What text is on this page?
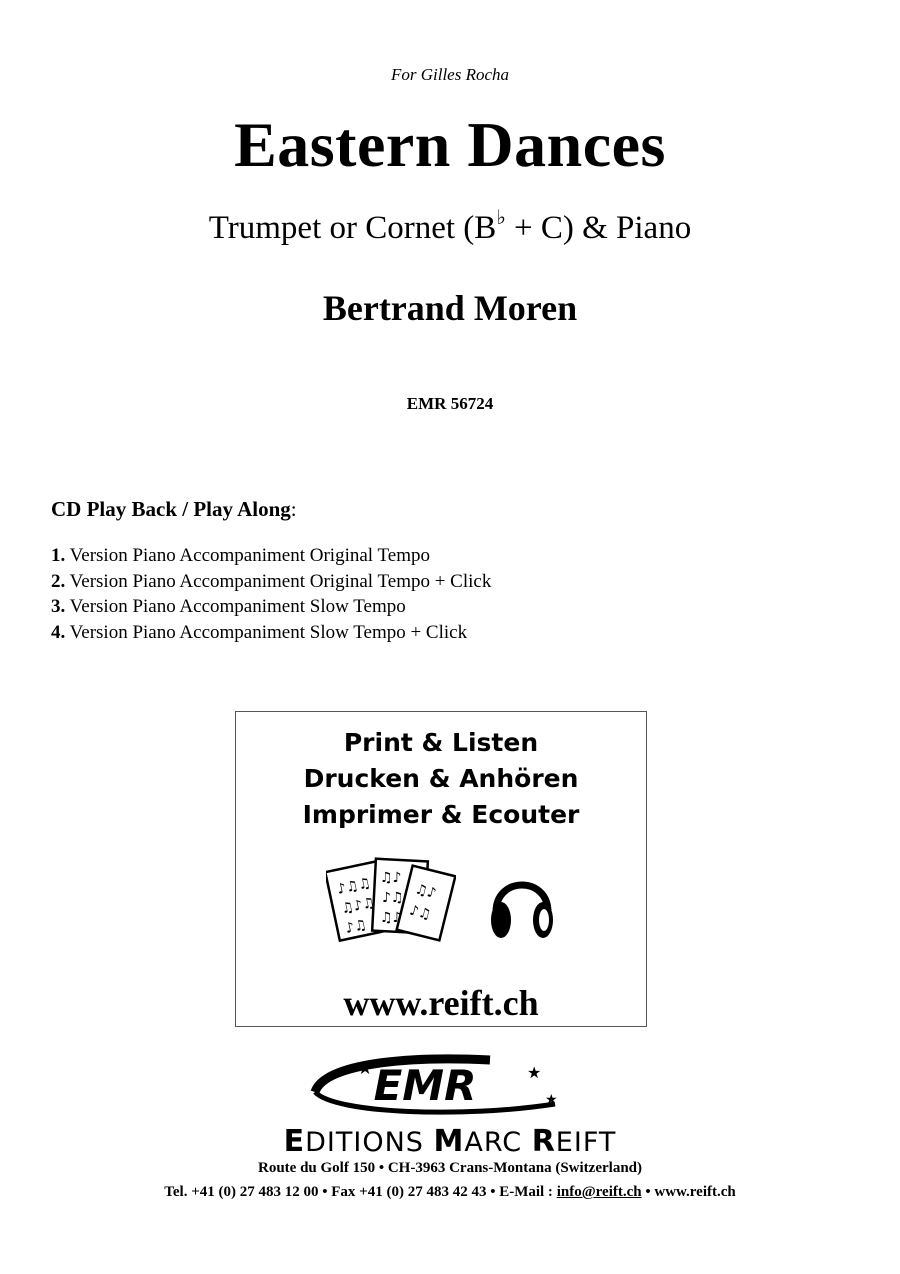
For Gilles Rocha
Eastern Dances
Trumpet or Cornet (B♭ + C) & Piano
Bertrand Moren
EMR 56724
CD Play Back / Play Along:
1. Version Piano Accompaniment Original Tempo
2. Version Piano Accompaniment Original Tempo + Click
3. Version Piano Accompaniment Slow Tempo
4. Version Piano Accompaniment Slow Tempo + Click
Print & Listen
Drucken & Anhören
Imprimer & Ecouter
♪♫♫
♫♪♫
♪♫
♫♪
♪♫
♫♪
♫♪
♪♫
www.reift.ch
EMR
★	★
★
EDITIONS MARC REIFT
Route du Golf 150 • CH-3963 Crans-Montana (Switzerland)
Tel. +41 (0) 27 483 12 00 • Fax +41 (0) 27 483 42 43 • E-Mail : info@reift.ch • www.reift.ch
